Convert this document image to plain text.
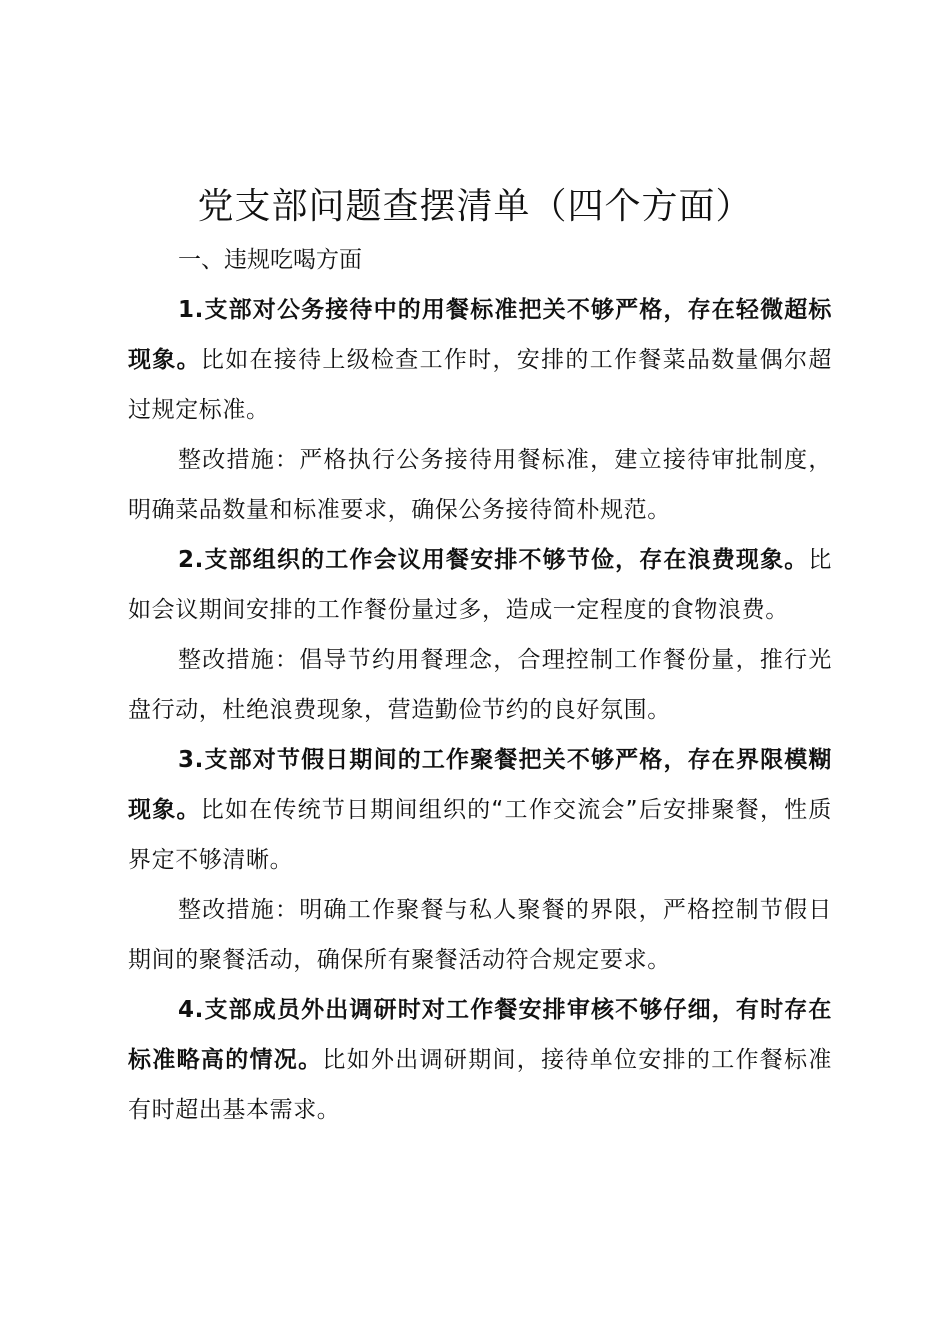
党支部问题查摆清单（四个方面）

一、违规吃喝方面

1.支部对公务接待中的用餐标准把关不够严格，存在轻微超标现象。比如在接待上级检查工作时，安排的工作餐菜品数量偶尔超过规定标准。

整改措施：严格执行公务接待用餐标准，建立接待审批制度，明确菜品数量和标准要求，确保公务接待简朴规范。

2.支部组织的工作会议用餐安排不够节俭，存在浪费现象。比如会议期间安排的工作餐份量过多，造成一定程度的食物浪费。

整改措施：倡导节约用餐理念，合理控制工作餐份量，推行光盘行动，杜绝浪费现象，营造勤俭节约的良好氛围。

3.支部对节假日期间的工作聚餐把关不够严格，存在界限模糊现象。比如在传统节日期间组织的“工作交流会”后安排聚餐，性质界定不够清晰。

整改措施：明确工作聚餐与私人聚餐的界限，严格控制节假日期间的聚餐活动，确保所有聚餐活动符合规定要求。

4.支部成员外出调研时对工作餐安排审核不够仔细，有时存在标准略高的情况。比如外出调研期间，接待单位安排的工作餐标准有时超出基本需求。
